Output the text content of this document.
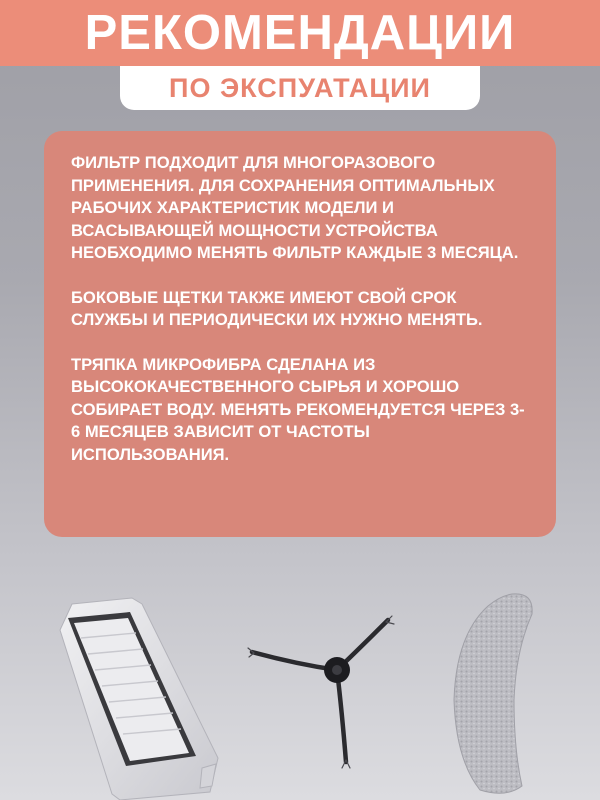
РЕКОМЕНДАЦИИ
ПО ЭКСПУАТАЦИИ

ФИЛЬТР ПОДХОДИТ ДЛЯ МНОГОРАЗОВОГО ПРИМЕНЕНИЯ. ДЛЯ СОХРАНЕНИЯ ОПТИМАЛЬНЫХ РАБОЧИХ ХАРАКТЕРИСТИК МОДЕЛИ И ВСАСЫВАЮЩЕЙ МОЩНОСТИ УСТРОЙСТВА НЕОБХОДИМО МЕНЯТЬ ФИЛЬТР КАЖДЫЕ 3 МЕСЯЦА.

БОКОВЫЕ ЩЕТКИ ТАКЖЕ ИМЕЮТ СВОЙ СРОК СЛУЖБЫ И ПЕРИОДИЧЕСКИ ИХ НУЖНО МЕНЯТЬ.

ТРЯПКА МИКРОФИБРА СДЕЛАНА ИЗ ВЫСОКОКАЧЕСТВЕННОГО СЫРЬЯ И ХОРОШО СОБИРАЕТ ВОДУ. МЕНЯТЬ РЕКОМЕНДУЕТСЯ ЧЕРЕЗ 3-6 МЕСЯЦЕВ ЗАВИСИТ ОТ ЧАСТОТЫ ИСПОЛЬЗОВАНИЯ.
